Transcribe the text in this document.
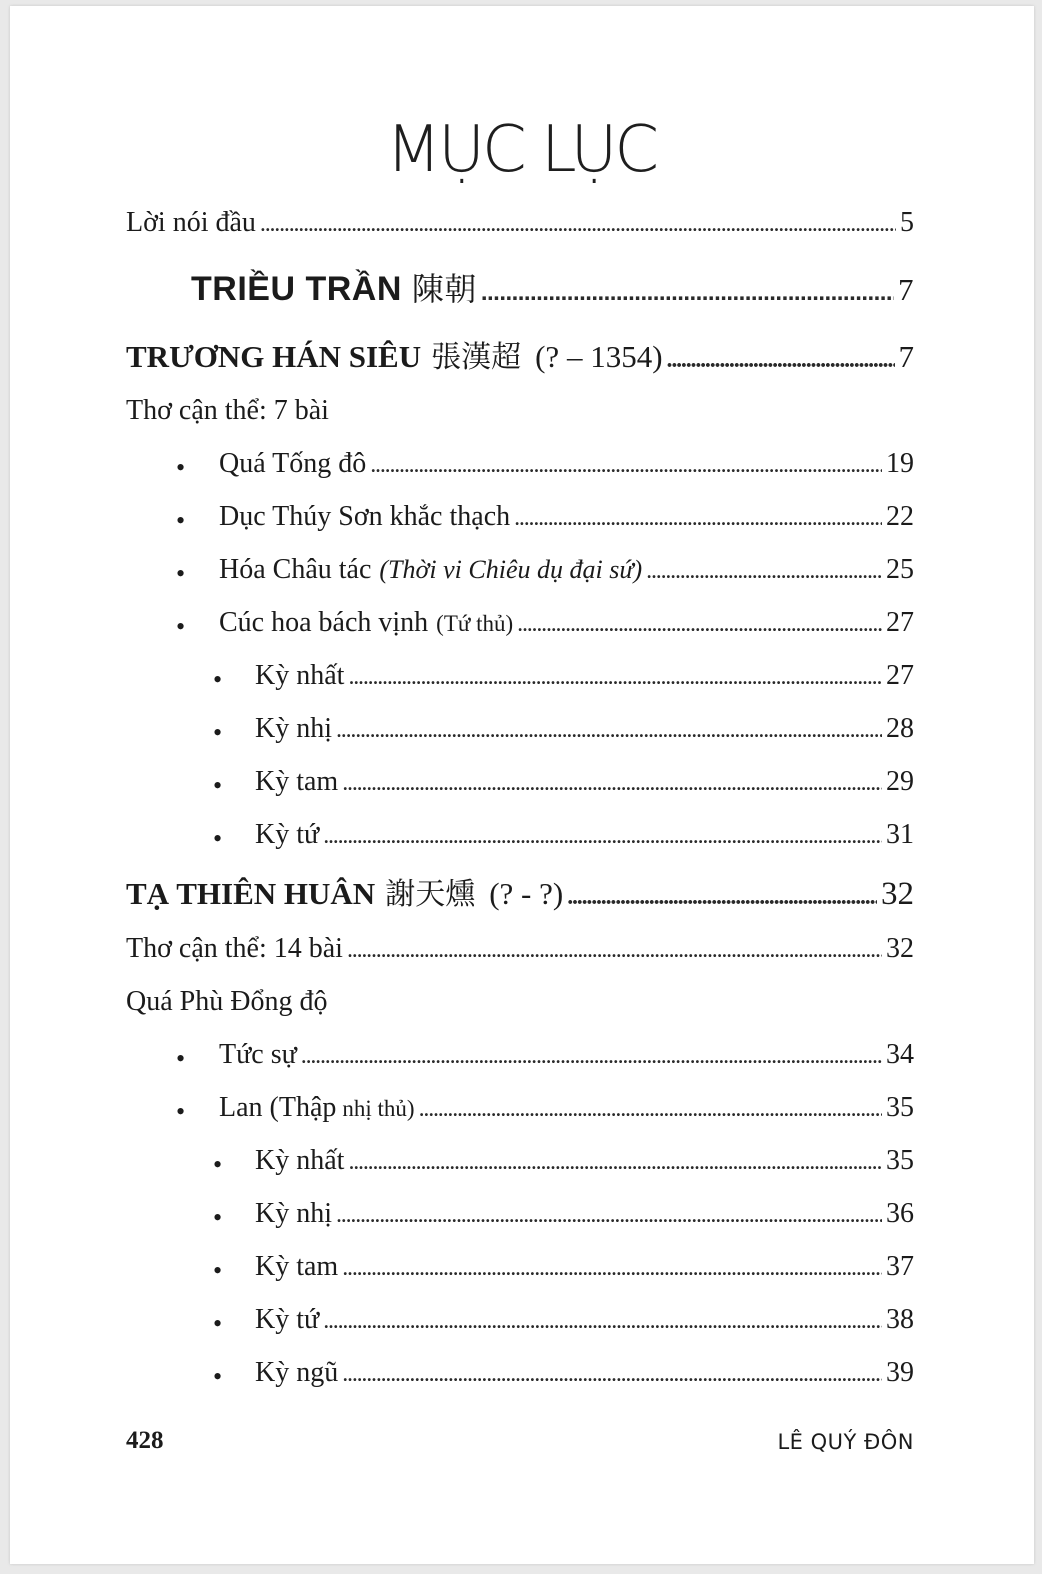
MỤC LỤC
Lời nói đầu . . .	5
TRIỀU TRẦN 陳朝 . . .	7
TRƯƠNG HÁN SIÊU 張漢超 (? – 1354) . . .	7
Thơ cận thể: 7 bài
• Quá Tống đô . . .	19
• Dục Thúy Sơn khắc thạch . . .	22
• Hóa Châu tác (Thời vi Chiêu dụ đại sứ) . . .	25
• Cúc hoa bách vịnh (Tứ thủ) . . .	27
• Kỳ nhất . . .	27
• Kỳ nhị . . .	28
• Kỳ tam . . .	29
• Kỳ tứ . . .	31
TẠ THIÊN HUÂN 謝天燻 (? - ?) . . .	32
Thơ cận thể: 14 bài . . .	32
Quá Phù Đổng độ
• Tức sự . . .	34
• Lan (Thập nhị thủ) . . .	35
• Kỳ nhất . . .	35
• Kỳ nhị . . .	36
• Kỳ tam . . .	37
• Kỳ tứ . . .	38
• Kỳ ngũ . . .	39
428	LÊ QUÝ ĐÔN
